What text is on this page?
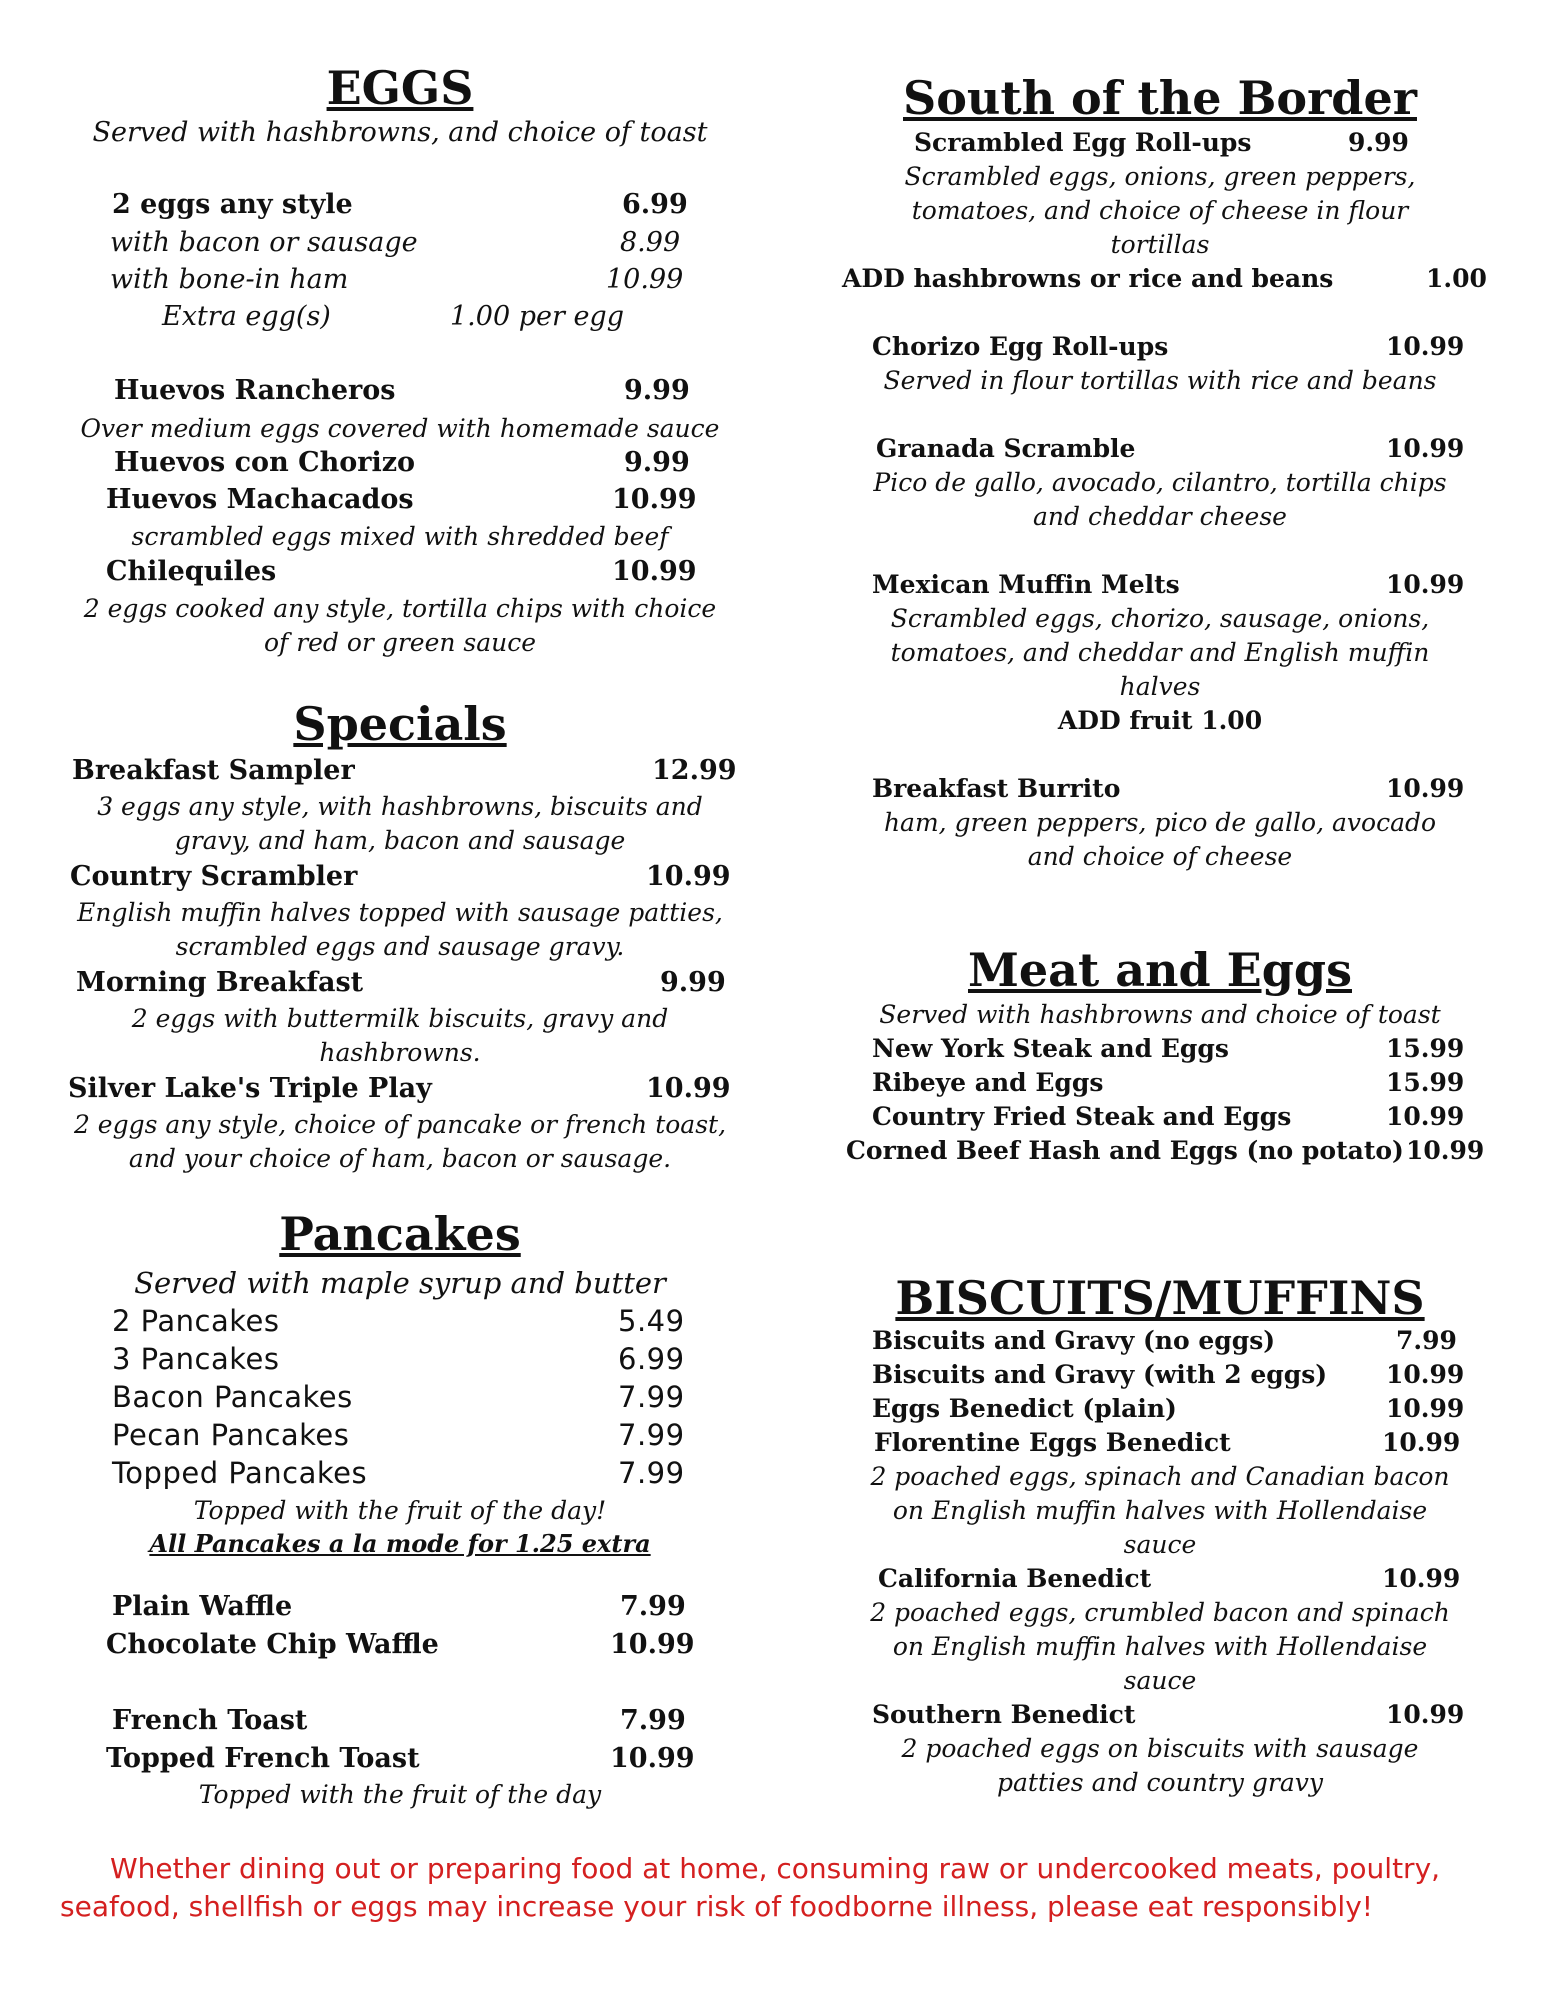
EGGS
Served with hashbrowns, and choice of toast
2 eggs any style	6.99
with bacon or sausage	8.99
with bone-in ham	10.99
Extra egg(s)	1.00 per egg
Huevos Rancheros	9.99
Over medium eggs covered with homemade sauce
Huevos con Chorizo	9.99
Huevos Machacados	10.99
scrambled eggs mixed with shredded beef
Chilequiles	10.99
2 eggs cooked any style, tortilla chips with choice
of red or green sauce
Specials
Breakfast Sampler	12.99
3 eggs any style, with hashbrowns, biscuits and
gravy, and ham, bacon and sausage
Country Scrambler	10.99
English muffin halves topped with sausage patties,
scrambled eggs and sausage gravy.
Morning Breakfast	9.99
2 eggs with buttermilk biscuits, gravy and
hashbrowns.
Silver Lake's Triple Play	10.99
2 eggs any style, choice of pancake or french toast,
and your choice of ham, bacon or sausage.
Pancakes
Served with maple syrup and butter
2 Pancakes	5.49
3 Pancakes	6.99
Bacon Pancakes	7.99
Pecan Pancakes	7.99
Topped Pancakes	7.99
Topped with the fruit of the day!
All Pancakes a la mode for 1.25 extra
Plain Waffle	7.99
Chocolate Chip Waffle	10.99
French Toast	7.99
Topped French Toast	10.99
Topped with the fruit of the day
South of the Border
Scrambled Egg Roll-ups	9.99
Scrambled eggs, onions, green peppers,
tomatoes, and choice of cheese in flour
tortillas
ADD hashbrowns or rice and beans	1.00
Chorizo Egg Roll-ups	10.99
Served in flour tortillas with rice and beans
Granada Scramble	10.99
Pico de gallo, avocado, cilantro, tortilla chips
and cheddar cheese
Mexican Muffin Melts	10.99
Scrambled eggs, chorizo, sausage, onions,
tomatoes, and cheddar and English muffin
halves
ADD fruit 1.00
Breakfast Burrito	10.99
ham, green peppers, pico de gallo, avocado
and choice of cheese
Meat and Eggs
Served with hashbrowns and choice of toast
New York Steak and Eggs	15.99
Ribeye and Eggs	15.99
Country Fried Steak and Eggs	10.99
Corned Beef Hash and Eggs (no potato) 10.99
BISCUITS/MUFFINS
Biscuits and Gravy (no eggs)	7.99
Biscuits and Gravy (with 2 eggs) 10.99
Eggs Benedict (plain)	10.99
Florentine Eggs Benedict	10.99
2 poached eggs, spinach and Canadian bacon
on English muffin halves with Hollendaise
sauce
California Benedict	10.99
2 poached eggs, crumbled bacon and spinach
on English muffin halves with Hollendaise
sauce
Southern Benedict	10.99
2 poached eggs on biscuits with sausage
patties and country gravy
Whether dining out or preparing food at home, consuming raw or undercooked meats, poultry, seafood, shellfish or eggs may increase your risk of foodborne illness, please eat responsibly!
